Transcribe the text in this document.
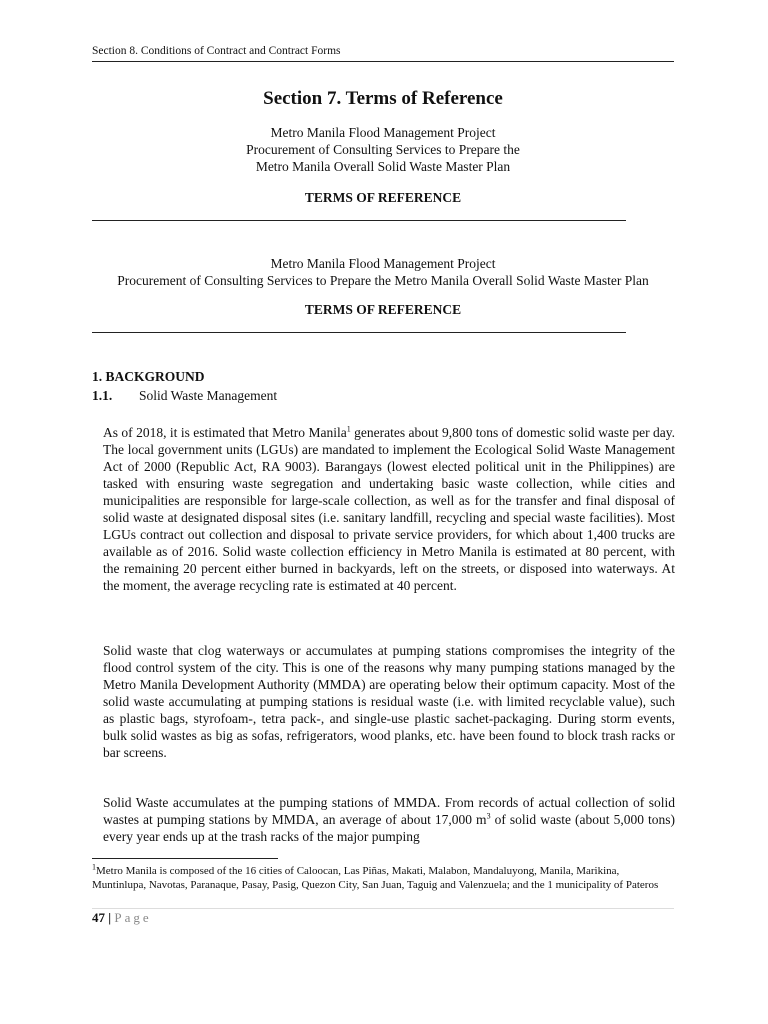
Section 8. Conditions of Contract and Contract Forms
Section 7. Terms of Reference
Metro Manila Flood Management Project
Procurement of Consulting Services to Prepare the
Metro Manila Overall Solid Waste Master Plan
TERMS OF REFERENCE
Metro Manila Flood Management Project
Procurement of Consulting Services to Prepare the Metro Manila Overall Solid Waste Master Plan
TERMS OF REFERENCE
1. BACKGROUND
1.1. Solid Waste Management

As of 2018, it is estimated that Metro Manila$^1$ generates about 9,800 tons of domestic solid waste per day. The local government units (LGUs) are mandated to implement the Ecological Solid Waste Management Act of 2000 (Republic Act, RA 9003). Barangays (lowest elected political unit in the Philippines) are tasked with ensuring waste segregation and undertaking basic waste collection, while cities and municipalities are responsible for large-scale collection, as well as for the transfer and final disposal of solid waste at designated disposal sites (i.e. sanitary landfill, recycling and special waste facilities). Most LGUs contract out collection and disposal to private service providers, for which about 1,400 trucks are available as of 2016. Solid waste collection efficiency in Metro Manila is estimated at 80 percent, with the remaining 20 percent either burned in backyards, left on the streets, or disposed into waterways. At the moment, the average recycling rate is estimated at 40 percent.

Solid waste that clog waterways or accumulates at pumping stations compromises the integrity of the flood control system of the city. This is one of the reasons why many pumping stations managed by the Metro Manila Development Authority (MMDA) are operating below their optimum capacity. Most of the solid waste accumulating at pumping stations is residual waste (i.e. with limited recyclable value), such as plastic bags, styrofoam-, tetra pack-, and single-use plastic sachet-packaging. During storm events, bulk solid wastes as big as sofas, refrigerators, wood planks, etc. have been found to block trash racks or bar screens.

Solid Waste accumulates at the pumping stations of MMDA. From records of actual collection of solid wastes at pumping stations by MMDA, an average of about 17,000 $m^3$ of solid waste (about 5,000 tons) every year ends up at the trash racks of the major pumping

$^1$Metro Manila is composed of the 16 cities of Caloocan, Las Piñas, Makati, Malabon, Mandaluyong, Manila, Marikina, Muntinlupa, Navotas, Paranaque, Pasay, Pasig, Quezon City, San Juan, Taguig and Valenzuela; and the 1 municipality of Pateros

47 | Page
